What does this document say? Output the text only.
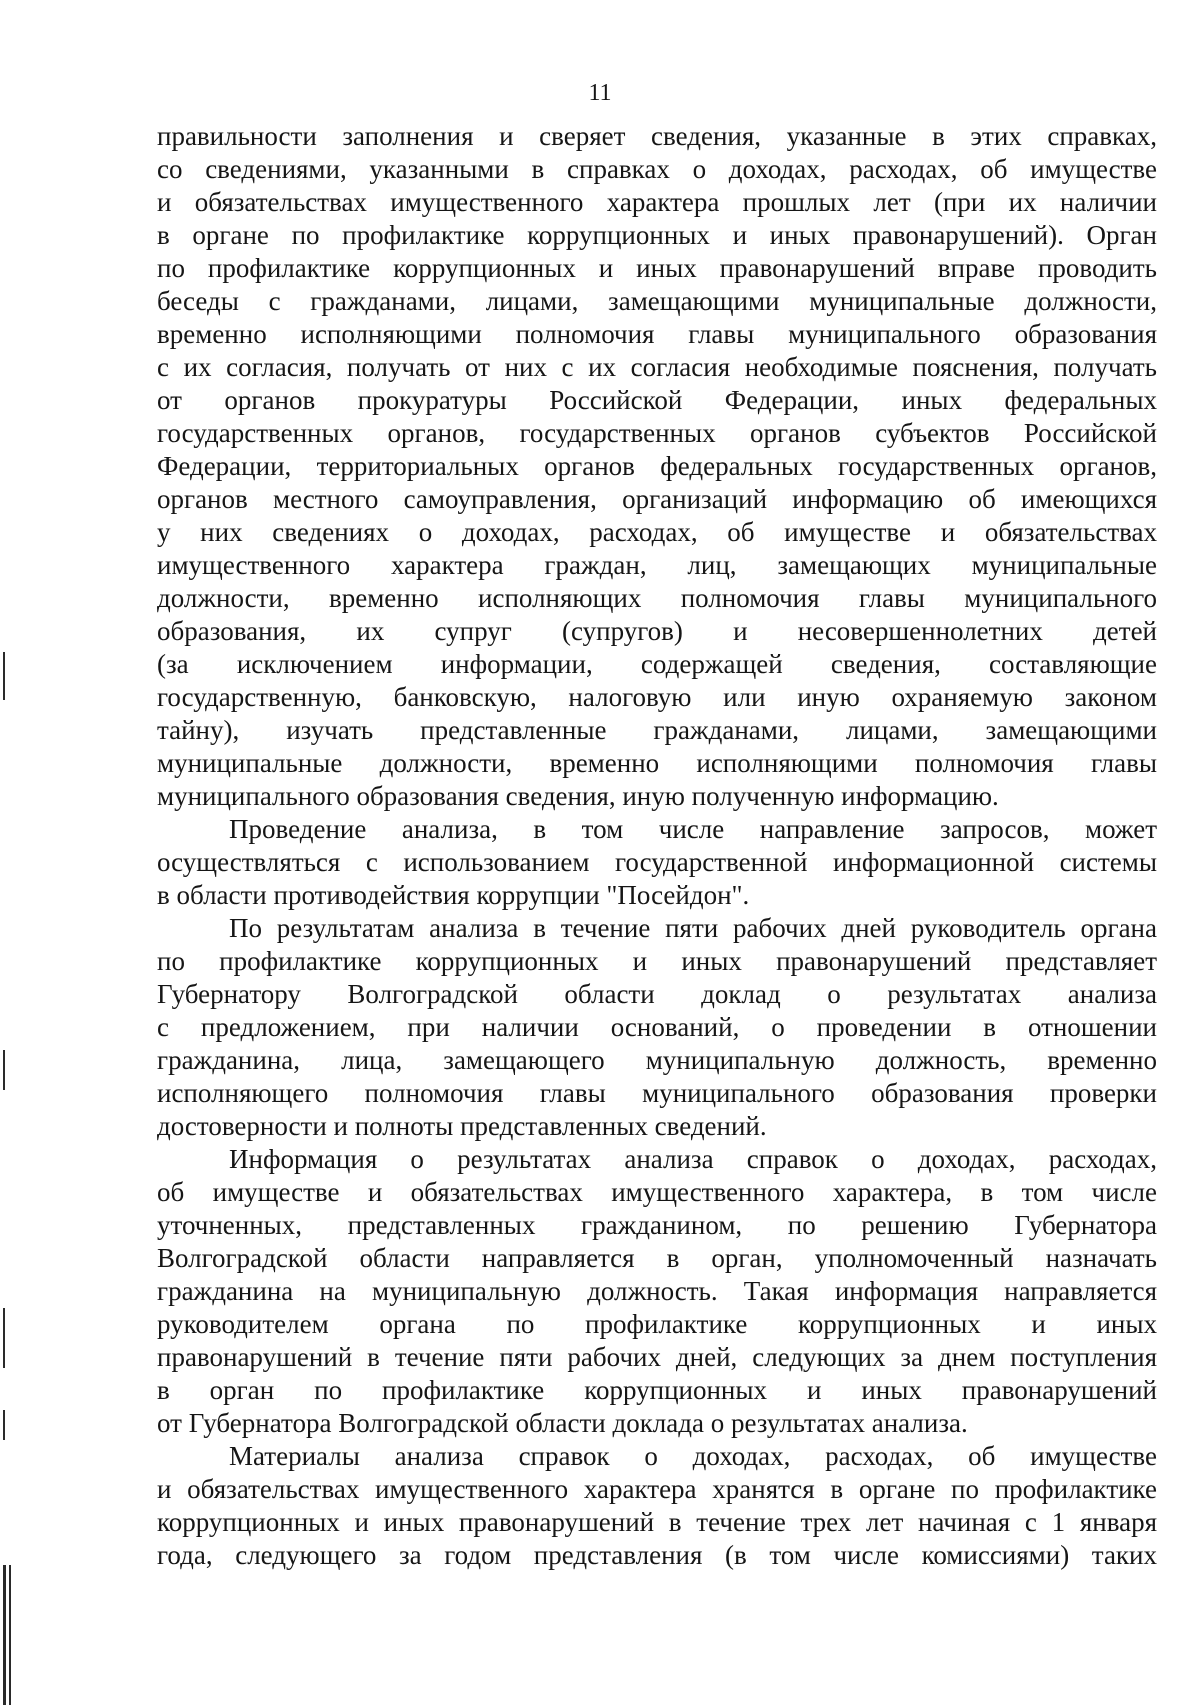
11

правильности заполнения и сверяет сведения, указанные в этих справках,

со сведениями, указанными в справках о доходах, расходах, об имуществе

и обязательствах имущественного характера прошлых лет (при их наличии

в органе по профилактике коррупционных и иных правонарушений). Орган

по профилактике коррупционных и иных правонарушений вправе проводить

беседы с гражданами, лицами, замещающими муниципальные должности,

временно исполняющими полномочия главы муниципального образования

с их согласия, получать от них с их согласия необходимые пояснения, получать

от органов прокуратуры Российской Федерации, иных федеральных

государственных органов, государственных органов субъектов Российской

Федерации, территориальных органов федеральных государственных органов,

органов местного самоуправления, организаций информацию об имеющихся

у них сведениях о доходах, расходах, об имуществе и обязательствах

имущественного характера граждан, лиц, замещающих муниципальные

должности, временно исполняющих полномочия главы муниципального

образования, их супруг (супругов) и несовершеннолетних детей

(за исключением информации, содержащей сведения, составляющие

государственную, банковскую, налоговую или иную охраняемую законом

тайну), изучать представленные гражданами, лицами, замещающими

муниципальные должности, временно исполняющими полномочия главы

муниципального образования сведения, иную полученную информацию.

Проведение анализа, в том числе направление запросов, может

осуществляться с использованием государственной информационной системы

в области противодействия коррупции "Посейдон".

По результатам анализа в течение пяти рабочих дней руководитель органа

по профилактике коррупционных и иных правонарушений представляет

Губернатору Волгоградской области доклад о результатах анализа

с предложением, при наличии оснований, о проведении в отношении

гражданина, лица, замещающего муниципальную должность, временно

исполняющего полномочия главы муниципального образования проверки

достоверности и полноты представленных сведений.

Информация о результатах анализа справок о доходах, расходах,

об имуществе и обязательствах имущественного характера, в том числе

уточненных, представленных гражданином, по решению Губернатора

Волгоградской области направляется в орган, уполномоченный назначать

гражданина на муниципальную должность. Такая информация направляется

руководителем органа по профилактике коррупционных и иных

правонарушений в течение пяти рабочих дней, следующих за днем поступления

в орган по профилактике коррупционных и иных правонарушений

от Губернатора Волгоградской области доклада о результатах анализа.

Материалы анализа справок о доходах, расходах, об имуществе

и обязательствах имущественного характера хранятся в органе по профилактике

коррупционных и иных правонарушений в течение трех лет начиная с 1 января

года, следующего за годом представления (в том числе комиссиями) таких
